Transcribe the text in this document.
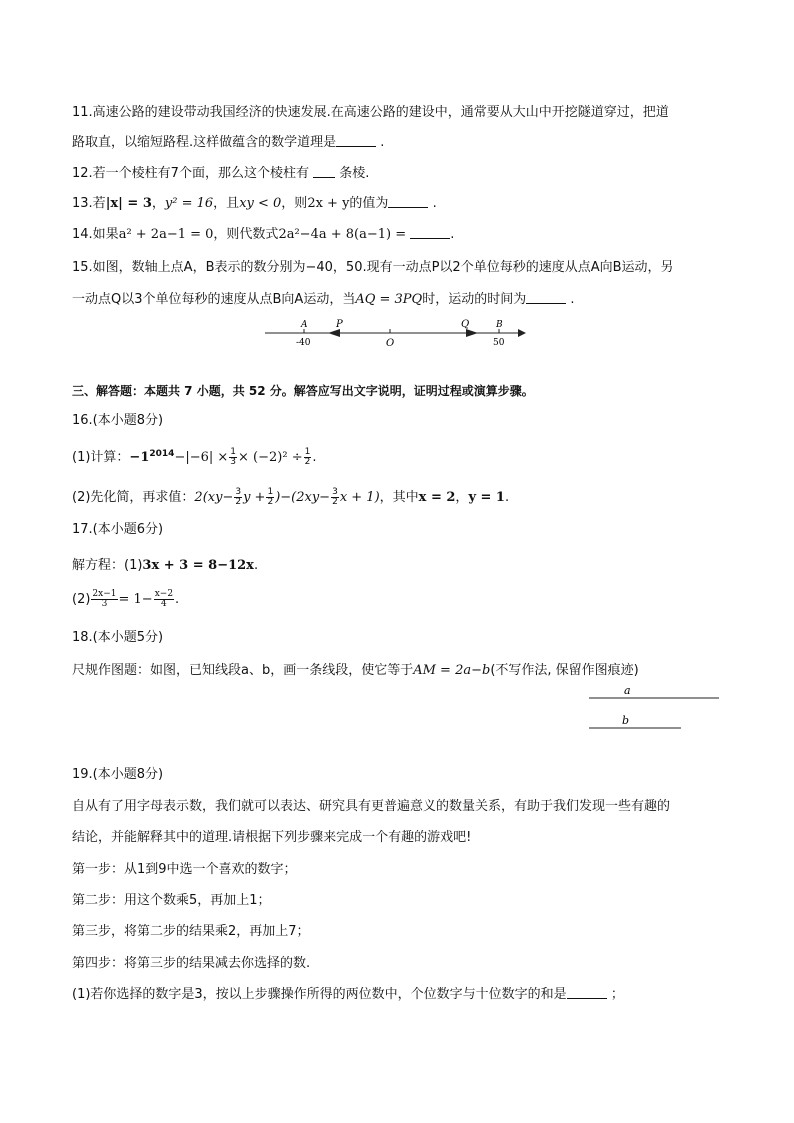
11.高速公路的建设带动我国经济的快速发展.在高速公路的建设中，通常要从大山中开挖隧道穿过，把道
路取直，以缩短路程.这样做蕴含的数学道理是	.
12.若一个棱柱有7个面，那么这个棱柱有 条棱.
13.若|x| = 3，y² = 16，且xy < 0，则2x + y的值为	.
14.如果a² + 2a−1 = 0，则代数式2a²−4a + 8(a−1) =	.
15.如图，数轴上点A，B表示的数分别为−40，50.现有一动点P以2个单位每秒的速度从点A向B运动，另
一动点Q以3个单位每秒的速度从点B向A运动，当AQ = 3PQ时，运动的时间为	.
A	P	Q	B
-40	O	50
三、解答题：本题共 7 小题，共 52 分。解答应写出文字说明，证明过程或演算步骤。
16.(本小题8分)
(1)计算：$-1^{2014}-|-6| \times \frac{1}{3} \times (-2)^2 \div \frac{1}{2}$ .
(2)先化简，再求值：$2(xy- \frac{3}{2}$ $y + \frac{1}{2} )-(2xy- \frac{3}{2}$ x + 1)，其中x = 2，y = 1.
17.(本小题6分)
解方程：(1)3x + 3 = 8−12x.
$(2) \frac{2x-1}{3} = 1- \frac{x-2}{4}$ .
18.(本小题5分)
尺规作图题：如图，已知线段a、b，画一条线段，使它等于AM = 2a−b(不写作法, 保留作图痕迹)
a
b
19.(本小题8分)
自从有了用字母表示数，我们就可以表达、研究具有更普遍意义的数量关系，有助于我们发现一些有趣的
结论，并能解释其中的道理.请根据下列步骤来完成一个有趣的游戏吧!
第一步：从1到9中选一个喜欢的数字；
第二步：用这个数乘5，再加上1；
第三步，将第二步的结果乘2，再加上7；
第四步：将第三步的结果减去你选择的数.
(1)若你选择的数字是3，按以上步骤操作所得的两位数中，个位数字与十位数字的和是	；
